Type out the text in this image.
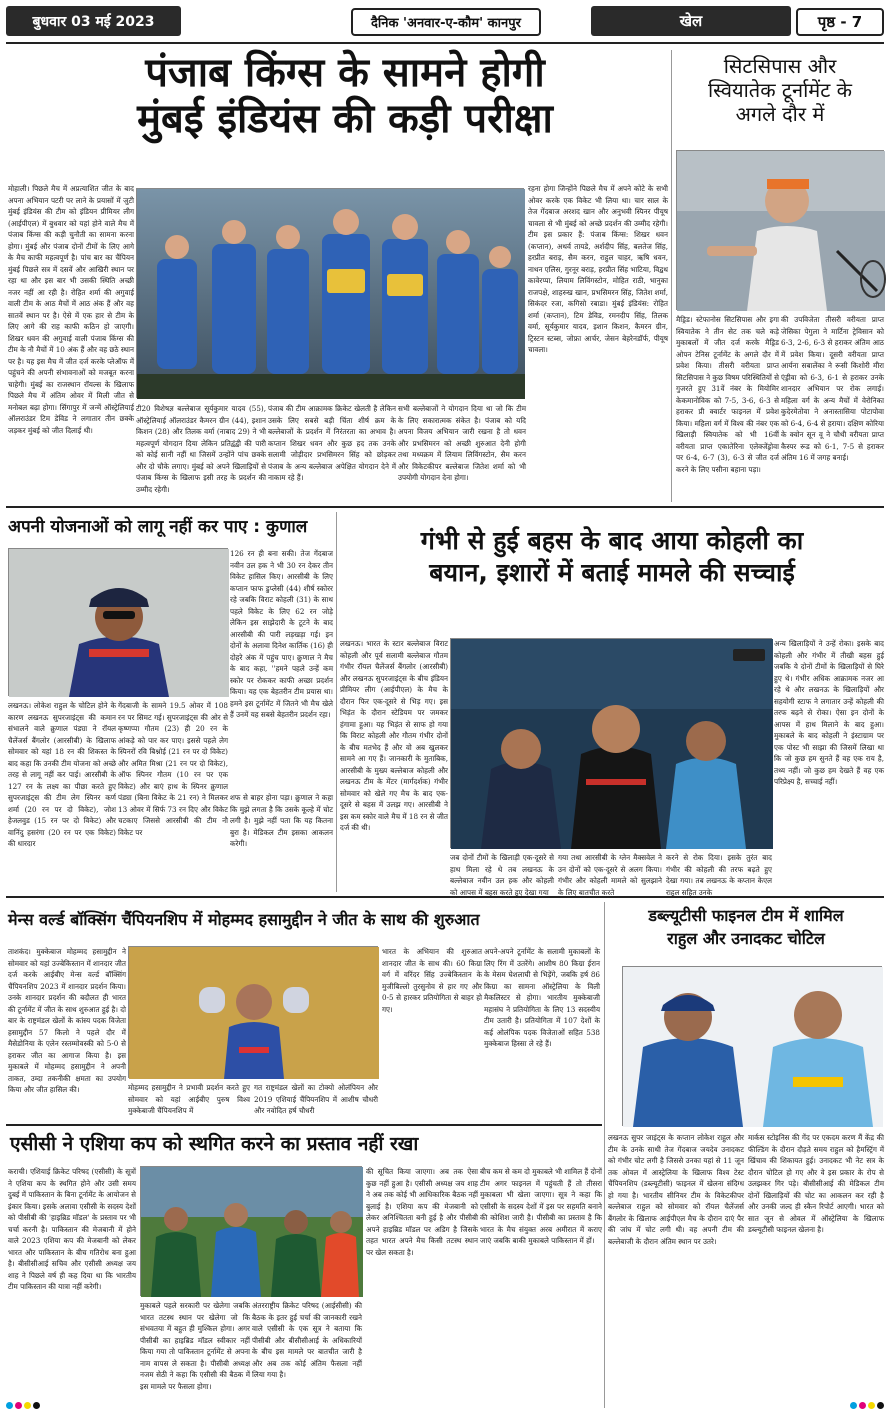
बुधवार 03 मई 2023	दैनिक 'अनवार-ए-कौम' कानपुर	खेल	पृष्ठ - 7
पंजाब किंग्स के सामने होगी
मुंबई इंडियंस की कड़ी परीक्षा
मोहाली। पिछले मैच में अप्रत्याशित जीत के बाद अपना अभियान पटरी पर लाने के प्रयासों में जुटी मुंबई इंडियंस की टीम को इंडियन प्रीमियर लीग (आईपीएल) में बुधवार को यहां होने वाले मैच में पंजाब किंग्स की कड़ी चुनौती का सामना करना होगा। मुंबई और पंजाब दोनों टीमों के लिए आगे के मैच काफी महत्वपूर्ण है। पांच बार का चैंपियन मुंबई पिछले सत्र में दसवें और आखिरी स्थान पर रहा था और इस बार भी उसकी स्थिति अच्छी नजर नहीं आ रही है। रोहित शर्मा की अगुवाई वाली टीम के आठ मैचों में आठ अंक हैं और वह सातवें स्थान पर है। ऐसे में एक हार से टीम के लिए आगे की राह काफी कठिन हो जाएगी। शिखर धवन की अगुवाई वाली पंजाब किंग्स की टीम के नौ मैचों में 10 अंक हैं और वह छठे स्थान पर है। यह इस मैच में जीत दर्ज करके प्लेऑफ में पहुंचने की अपनी संभावनाओं को मजबूत करना चाहेगी। मुंबई का राजस्थान रॉयल्स के खिलाफ पिछले मैच में अंतिम ओवर में मिली जीत से मनोबल बढ़ा होगा। सिंगापुर में जन्में ऑस्ट्रेलियाई ऑलराउंडर टिम डेविड ने लगातार तीन छक्के जड़कर मुंबई को जीत दिलाई थी।
टी20 विशेषज्ञ बल्लेबाज सूर्यकुमार यादव (55), ऑस्ट्रेलियाई ऑलराउंडर कैमरन ग्रीन (44), इशान किशन (28) और तिलक वर्मा (नाबाद 29) ने भी महत्वपूर्ण योगदान दिया लेकिन प्रतिद्वंद्वी की पारी को कोई सानी नहीं था जिसमें उन्होंने पांच छक्के और दो चौके लगाए। मुंबई को अपने खिलाड़ियों से पंजाब किंग्स के खिलाफ इसी तरह के प्रदर्शन की उम्मीद रहेगी।
पंजाब की टीम आक्रामक क्रिकेट खेलती है लेकिन उसके लिए सबसे बड़ी चिंता शीर्ष क्रम के बल्लेबाजों के प्रदर्शन में निरंतरता का अभाव है। कप्तान शिखर धवन और कुछ हद तक उनके सलामी जोड़ीदार प्रभसिमरन सिंह को छोड़कर पंजाब के अन्य बल्लेबाज अपेक्षित योगदान देने में नाकाम रहे हैं।
सभी बल्लेबाजों ने योगदान दिया था जो कि टीम के लिए सकारात्मक संकेत है। पंजाब को यदि अपना विजय अभियान जारी रखना है तो धवन और प्रभसिमरन को अच्छी शुरुआत देनी होगी तथा मध्यक्रम में लियाम लिविंगस्टोन, सैम करन और विकेटकीपर बल्लेबाज जितेश शर्मा को भी उपयोगी योगदान देना होगा।
रहना होगा जिन्होंने पिछले मैच में अपने कोटे के सभी ओवर करके एक विकेट भी लिया था। चार साल के तेज गेंदबाज अरशद खान और अनुभवी स्पिनर पीयूष चावला से भी मुंबई को अच्छे प्रदर्शन की उम्मीद रहेगी। टीम इस प्रकार हैं: पंजाब किंग्स: शिखर धवन (कप्तान), अथर्व तायडे, अर्शदीप सिंह, बलतेज सिंह, हरप्रीत बराड़, सैम करन, राहुल चाहर, ऋषि धवन, नाथन एलिस, गुरनूर बराड़, हरप्रीत सिंह भाटिया, विद्वथ कावेरप्पा, लियाम लिविंगस्टोन, मोहित राठी, भानुका राजपक्षे, शाहरुख खान, प्रभसिमरन सिंह, जितेश शर्मा, सिकंदर रजा, कगिसो रबाडा। मुंबई इंडियंस: रोहित शर्मा (कप्तान), टिम डेविड, रमनदीप सिंह, तिलक वर्मा, सूर्यकुमार यादव, इशान किशन, कैमरन ग्रीन, ट्रिस्टन स्टब्स, जोफ्रा आर्चर, जेसन बेहरेनडॉर्फ, पीयूष चावला।
सिटसिपास और
स्वियातेक टूर्नामेंट के
अगले दौर में
मैड्रिड। स्टेफानोस सिटसिपास और इगा स्वियातेक ने तीन सेट तक चले कड़े मुकाबलों में जीत दर्ज करके मैड्रिड ओपन टेनिस टूर्नामेंट के अगले दौर में प्रवेश किया। तीसरी वरीयता प्राप्त सिटसिपास ने कुछ विषम परिस्थितियों से गुजरते हुए 31वें नंबर के मियोमिर केकमानोविक को 7-5, 3-6, 6-3 से हराकर प्री क्वार्टर फाइनल में प्रवेश किया। महिला वर्ग में विश्व की नंबर एक खिलाड़ी स्वियातेक को भी 16वीं वरीयता प्राप्त एकातेरिना एलेक्जेंड्रोवा पर 6-4, 6-7 (3), 6-3 से जीत दर्ज करने के लिए पसीना बहाना पड़ा।
की उपविजेता तीसरी वरीयता प्राप्त जेसिका पेगुला ने मार्टिना ट्रेविसान को 6-3, 2-6, 6-3 से हराकर अंतिम आठ में प्रवेश किया। दूसरी वरीयता प्राप्त आर्यना सबालेंका ने रूसी किशोरी मीरा एंड्रीवा को 6-3, 6-1 से हराकर उनके शानदार अभियान पर रोक लगाई। महिला वर्ग के अन्य मैचों में वेरोनिका कुदेरमेतोवा ने अनास्तासिया पोटापोवा को 6-4, 6-4 से हराया। दक्षिण कोरिया के क्वोन सून वू ने चौथी वरीयता प्राप्त कैस्पर रूड को 6-1, 7-5 से हराकर अंतिम 16 में जगह बनाई।
अपनी योजनाओं को लागू नहीं कर पाए : कुणाल
लखनऊ। लोकेश राहुल के चोटिल होने के कारण लखनऊ सुपरजाइंट्स की कमान संभालने वाले क्रुणाल पंड्या ने रॉयल चैलेंजर्स बैंगलोर (आरसीबी) के खिलाफ सोमवार को यहां 18 रन की शिकस्त के बाद कहा कि उनकी टीम योजना को अच्छे तरह से लागू नहीं कर पाई। आरसीबी के 127 रन के लक्ष्य का पीछा करते हुए सुपरजाइंट्स की टीम लेग स्पिनर कर्ण शर्मा (20 रन पर दो विकेट), जोश हेजलवुड (15 रन पर दो विकेट) और वानिंदु हसरंगा (20 रन पर एक विकेट) की धारदार
गेंदबाजी के सामने 19.5 ओवर में 108 रन पर सिमट गई। सुपरजाइंट्स की ओर से कृष्णप्पा गौतम (23) ही 20 रन के आंकड़े को पार कर पाए। इससे पहले लेग स्पिनरों रवि बिश्नोई (21 रन पर दो विकेट) और अमित मिश्रा (21 रन पर दो विकेट), ऑफ स्पिनर गौतम (10 रन पर एक विकेट) और बाएं हाथ के स्पिनर क्रुणाल पंड्या (बिना विकेट के 21 रन) ने मिलकर 13 ओवर में सिर्फ 73 रन दिए और विकेट चटकाए जिससे आरसीबी की टीम नौ विकेट पर
126 रन ही बना सकी। तेज गेंदबाज नवीन उल हक ने भी 30 रन देकर तीन विकेट हासिल किए। आरसीबी के लिए कप्तान फाफ डुप्लेसी (44) शीर्ष स्कोरर रहे जबकि विराट कोहली (31) के साथ पहले विकेट के लिए 62 रन जोड़े लेकिन इस साझेदारी के टूटने के बाद आरसीबी की पारी लड़खड़ा गई। इन दोनों के अलावा दिनेश कार्तिक (16) ही दोहरे अंक में पहुंच पाए। क्रुणाल ने मैच के बाद कहा, ''हमने पहले उन्हें कम स्कोर पर रोककर काफी अच्छा प्रदर्शन किया। यह एक बेहतरीन टीम प्रयास था। हमने इस टूर्नामेंट में जितने भी मैच खेले हैं उनमें यह सबसे बेहतरीन प्रदर्शन रहा।
शफ से बाहर होना पड़ा। क्रुणाल ने कहा कि मुझे लगता है कि उसके कूल्हे में चोट लगी है। मुझे नहीं पता कि यह कितना बुरा है। मेडिकल टीम इसका आकलन करेगी।
गंभी से हुई बहस के बाद आया कोहली का
बयान, इशारों में बताई मामले की सच्चाई
लखनऊ। भारत के स्टार बल्लेबाज विराट कोहली और पूर्व सलामी बल्लेबाज गौतम गंभीर रॉयल चैलेंजर्स बैंगलोर (आरसीबी) और लखनऊ सुपरजाइंट्स के बीच इंडियन प्रीमियर लीग (आईपीएल) के मैच के दौरान फिर एक-दूसरे से भिड़ गए। इस भिड़ंत के दौरान स्टेडियम पर जमकर हंगामा हुआ। यह भिड़ंत से साफ हो गया कि विराट कोहली और गौतम गंभीर दोनों के बीच मतभेद हैं और वो अब खुलकर सामने आ गए हैं। जानकारी के मुताबिक, आरसीबी के मुख्य बल्लेबाज कोहली और लखनऊ टीम के मेंटर (मार्गदर्शक) गंभीर सोमवार को खेले गए मैच के बाद एक-दूसरे से बहस में उलझ गए। आरसीबी ने इस कम स्कोर वाले मैच में 18 रन से जीत दर्ज की थी।
जब दोनों टीमों के खिलाड़ी एक-दूसरे से हाथ मिला रहे थे तब लखनऊ के बल्लेबाज नवीन उल हक और कोहली को आपस में बहस करते हुए देखा गया
गया तथा आरसीबी के ग्लेन मैक्सवेल ने उन दोनों को एक-दूसरे से अलग किया। गंभीर और कोहली मामले को सुलझाने के लिए बातचीत करते
करने से रोक दिया। इसके तुरंत बाद गंभीर की कोहली की तरफ बढ़ते हुए देखा गया। तब लखनऊ के कप्तान केएल राहुल सहित उनके
अन्य खिलाड़ियों ने उन्हें रोका। इसके बाद कोहली और गंभीर में तीखी बहस हुई जबकि ये दोनों टीमों के खिलाड़ियों से घिरे हुए थे। गंभीर अधिक आक्रामक नजर आ रहे थे और लखनऊ के खिलाड़ियों और सहयोगी स्टाफ ने लगातार उन्हें कोहली की तरफ बढ़ने से रोका। ऐसा इन दोनों के आपस में हाथ मिलाने के बाद हुआ। मुकाबले के बाद कोहली ने इंस्टाग्राम पर एक पोस्ट भी साझा की जिसमें लिखा था कि जो कुछ हम सुनते हैं वह एक राय है, तथ्य नहीं। जो कुछ हम देखते हैं वह एक परिप्रेक्ष्य है, सच्चाई नहीं।
मेन्स वर्ल्ड बॉक्सिंग चैंपियनशिप में मोहम्मद हसामुद्दीन ने जीत के साथ की शुरुआत
ताशकंद। मुक्केबाज मोहम्मद हसामुद्दीन ने सोमवार को यहां उज्बेकिस्तान में शानदार जीत दर्ज करके आईबीए मेन्स वर्ल्ड बॉक्सिंग चैंपियनशिप 2023 में शानदार प्रदर्शन किया। उनके शानदार प्रदर्शन की बदौलत ही भारत की टूर्नामेंट में जीत के साथ शुरुआत हुई है। दो बार के राष्ट्रमंडल खेलों के कांस्य पदक विजेता हसामुद्दीन 57 किलो ने पहले दौर में मैसेडोनिया के एलेन रस्तम्मोवस्की को 5-0 से हराकर जीत का आगाज किया है। इस मुकाबले में मोहम्मद हसामुद्दीन ने अपनी ताकत, उम्दा तकनीकी क्षमता का उपयोग किया और जीत हासिल की।	मोहम्मद हसामुद्दीन ने प्रभावी प्रदर्शन करते हुए सोमवार को यहां आईबीए पुरुष विश्व मुक्केबाजी चैंपियनशिप में
गत राष्ट्रमंडल खेलों का टोक्यो ओलंपियन और 2019 एशियाई चैंपियनशिप में आशीष चौधरी और नवोदित हर्ष चौधरी
भारत के अभियान की शुरुआत शानदार जीत के साथ की। 60 किग्रा वर्ग में वरिंदर सिंह उज्बेकिस्तान के मुजीबिल्लो तुरसुनोव से हार गए और 0-5 से हारकर प्रतियोगिता से बाहर हो गए।
अपने-अपने टूर्नामेंट के सलामी मुकाबलों के लिए रिंग में उतरेंगे। आशीष 80 किग्रा ईरान के मेसम घेशलाघी से भिड़ेंगे, जबकि हर्ष 86 किग्रा का सामना ऑस्ट्रेलिया के विली मैकलिस्टर से होगा। भारतीय मुक्केबाजी महासंघ ने प्रतियोगिता के लिए 13 सदस्यीय टीम उतारी है। प्रतियोगिता में 107 देशों के कई ओलंपिक पदक विजेताओं सहित 538 मुक्केबाज हिस्सा ले रहे हैं।
डब्ल्यूटीसी फाइनल टीम में शामिल
राहुल और उनादकट चोटिल
लखनऊ सुपर जाइंट्स के कप्तान लोकेश राहुल और टीम के उनके साथी तेज गेंदबाज जयदेव उनादकट को गंभीर चोट लगी है जिससे उनका यहां से 11 जून तक ओवल में आस्ट्रेलिया के खिलाफ विश्व टेस्ट चैंपियनशिप (डब्ल्यूटीसी) फाइनल में खेलना संदिग्ध हो गया है। भारतीय सीनियर टीम के विकेटकीपर बल्लेबाज राहुल को सोमवार को रॉयल चैलेंजर्स बैंगलोर के खिलाफ आईपीएल मैच के दौरान दाएं पैर की जांघ में चोट लगी थी। वह अपनी टीम की बल्लेबाजी के दौरान अंतिम स्थान पर उतरे।
मार्कस स्टोइनिस की गेंद पर एकदम करण मैं केंद्र की फील्डिंग के दौरान दौड़ते समय राहुल को हैमस्ट्रिंग में खिंचाव की शिकायत हुई। उनादकट भी नेट सत्र के दौरान चोटिल हो गए और वे इस प्रकार के रोप से उलझकर गिर पड़े। बीसीसीआई की मेडिकल टीम दोनों खिलाड़ियों की चोट का आकलन कर रही है और उनकी जल्द ही स्कैन रिपोर्ट आएगी। भारत को सात जून से ओवल में ऑस्ट्रेलिया के खिलाफ डब्ल्यूटीसी फाइनल खेलना है।
एसीसी ने एशिया कप को स्थगित करने का प्रस्ताव नहीं रखा
कराची। एशियाई क्रिकेट परिषद (एसीसी) के सूत्रों ने एशिया कप के स्थगित होने और उसी समय दुबई में पाकिस्तान के बिना टूर्नामेंट के आयोजन से इंकार किया। इसके अलावा एसीसी के सदस्य देशों को पीसीबी की 'हाइब्रिड मॉडल' के प्रस्ताव पर भी चर्चा करनी है। पाकिस्तान की मेजबानी में होने वाले 2023 एशिया कप की मेजबानी को लेकर भारत और पाकिस्तान के बीच गतिरोध बना हुआ है। बीसीसीआई सचिव और एसीसी अध्यक्ष जय शाह ने पिछले वर्ष ही कह दिया था कि भारतीय टीम पाकिस्तान की यात्रा नहीं करेगी।
मुकाबले पहले सरकारी पर खेलेगा जबकि भारत तटस्थ स्थान पर खेलेगा जो कि संभवतया में बहुत ही मुश्किल होगा। अगर पीसीबी का हाइब्रिड मॉडल स्वीकार नहीं किया गया तो पाकिस्तान टूर्नामेंट से अपना नाम वापस ले सकता है। पीसीबी अध्यक्ष नजम सेठी ने कहा कि एसीसी की बैठक में इस मामले पर फैसला होगा।
अंतरराष्ट्रीय क्रिकेट परिषद (आईसीसी) की बैठक के इतर हुई चर्चा की जानकारी रखने वाले एसीसी के एक सूत्र ने बताया कि पीसीबी और बीसीसीआई के अधिकारियों के बीच इस मामले पर बातचीत जारी है और अब तक कोई अंतिम फैसला नहीं लिया गया है।
की सूचित किया जाएगा। अब तक ऐसा कुछ नहीं हुआ है। एसीसी अध्यक्ष जय शाह ने अब तक कोई भी आधिकारिक बैठक नहीं बुलाई है। एशिया कप की मेजबानी को लेकर अनिश्चितता बनी हुई है और पीसीबी अपने हाइब्रिड मॉडल पर अडिग है जिसके तहत भारत अपने मैच किसी तटस्थ स्थान पर खेल सकता है।
बीच कम से कम दो मुकाबले भी शामिल हैं दोनों टीम अगर फाइनल में पहुंचती हैं तो तीसरा मुकाबला भी खेला जाएगा। सूत्र ने कहा कि एसीसी के सदस्य देशों में इस पर सहमति बनाने की कोशिश जारी है। पीसीबी का प्रस्ताव है कि भारत के मैच संयुक्त अरब अमीरात में कराए जाएं जबकि बाकी मुकाबले पाकिस्तान में हों।
